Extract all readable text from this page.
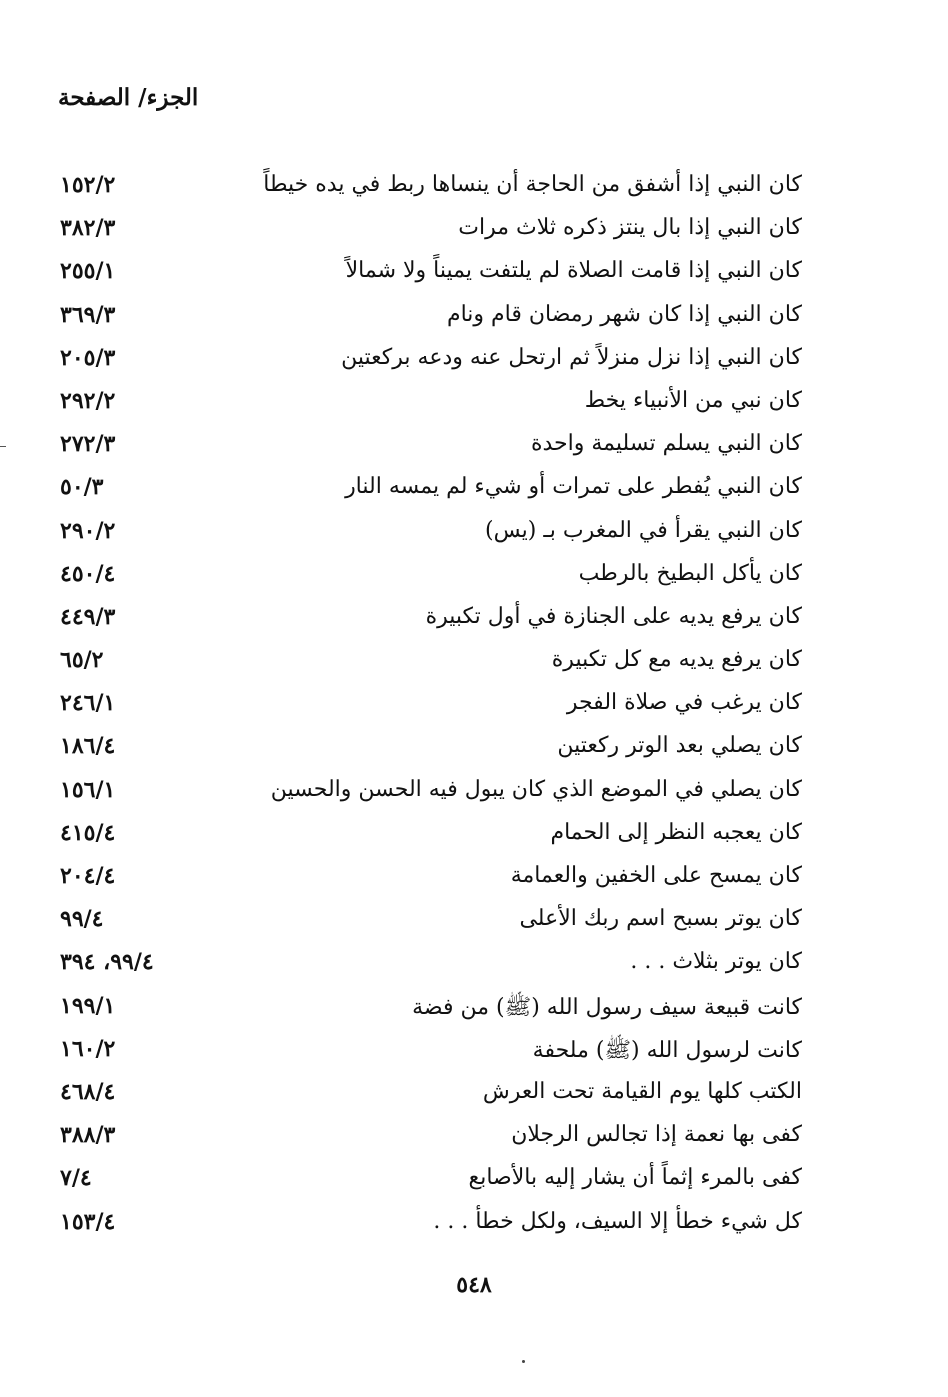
الجزء/ الصفحة
كان النبي إذا أشفق من الحاجة أن ينساها ربط في يده خيطاً
١٥٢/٢
كان النبي إذا بال ينتز ذكره ثلاث مرات
٣٨٢/٣
كان النبي إذا قامت الصلاة لم يلتفت يميناً ولا شمالاً
٢٥٥/١
كان النبي إذا كان شهر رمضان قام ونام
٣٦٩/٣
كان النبي إذا نزل منزلاً ثم ارتحل عنه ودعه بركعتين
٢٠٥/٣
كان نبي من الأنبياء يخط
٢٩٢/٢
كان النبي يسلم تسليمة واحدة
٢٧٢/٣
كان النبي يُفطر على تمرات أو شيء لم يمسه النار
٥٠/٣
كان النبي يقرأ في المغرب بـ (يس)
٢٩٠/٢
كان يأكل البطيخ بالرطب
٤٥٠/٤
كان يرفع يديه على الجنازة في أول تكبيرة
٤٤٩/٣
كان يرفع يديه مع كل تكبيرة
٦٥/٢
كان يرغب في صلاة الفجر
٢٤٦/١
كان يصلي بعد الوتر ركعتين
١٨٦/٤
كان يصلي في الموضع الذي كان يبول فيه الحسن والحسين
١٥٦/١
كان يعجبه النظر إلى الحمام
٤١٥/٤
كان يمسح على الخفين والعمامة
٢٠٤/٤
كان يوتر بسبح اسم ربك الأعلى
٩٩/٤
كان يوتر بثلاث . . .
٩٩/٤، ٣٩٤
كانت قبيعة سيف رسول الله (ﷺ) من فضة
١٩٩/١
كانت لرسول الله (ﷺ) ملحفة
١٦٠/٢
الكتب كلها يوم القيامة تحت العرش
٤٦٨/٤
كفى بها نعمة إذا تجالس الرجلان
٣٨٨/٣
كفى بالمرء إثماً أن يشار إليه بالأصابع
٧/٤
كل شيء خطأ إلا السيف، ولكل خطأ . . .
١٥٣/٤
٥٤٨
